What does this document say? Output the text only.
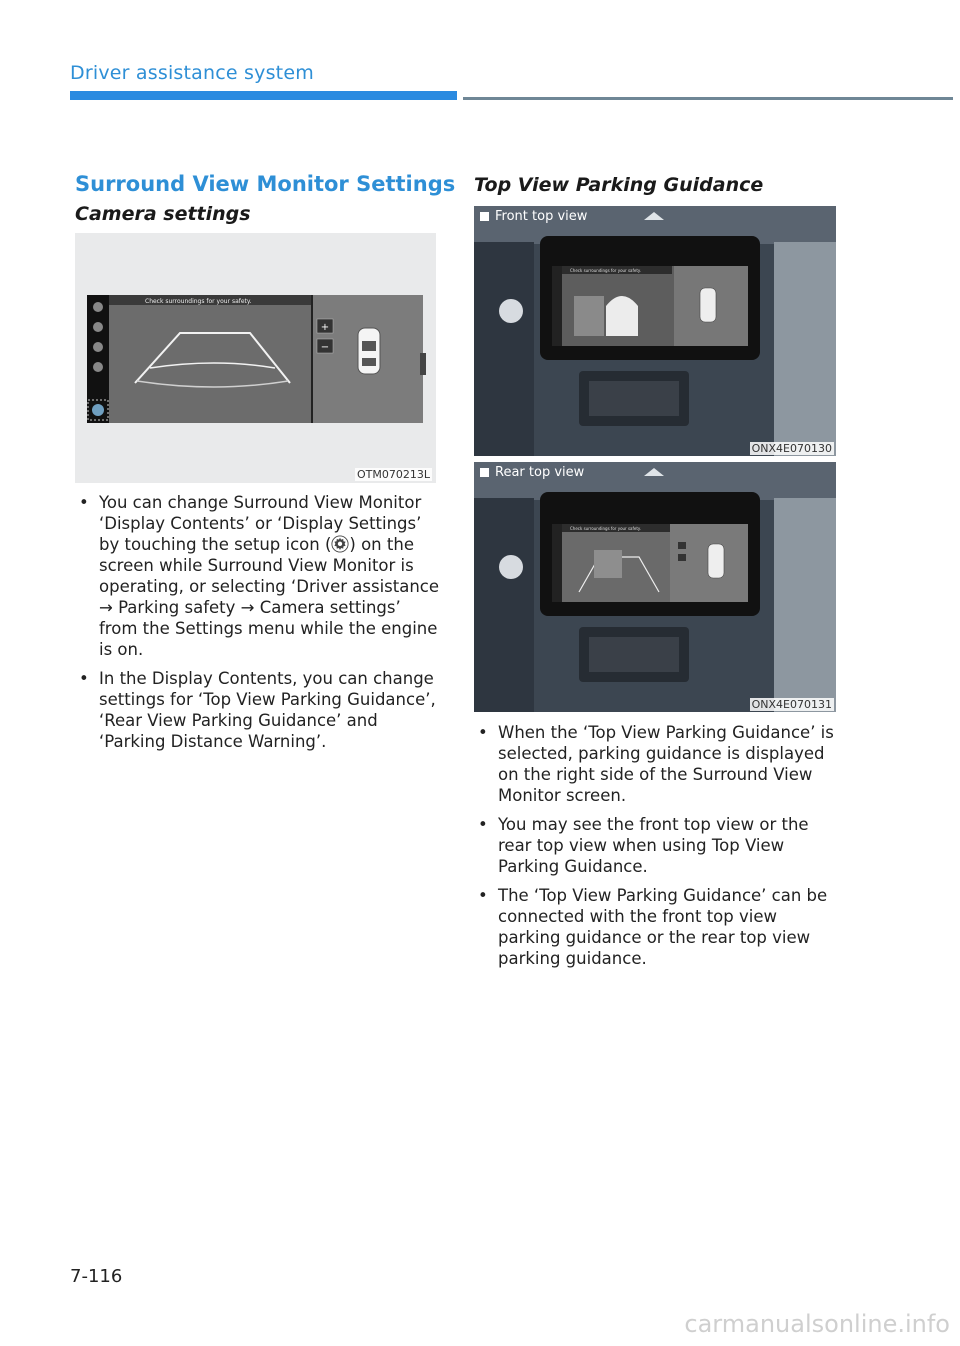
Driver assistance system
Surround View Monitor Settings
Camera settings
Check surroundings for your safety.
+
−
OTM070213L
• You can change Surround View Monitor ‘Display Contents’ or ‘Display Settings’ by touching the setup icon ( ) on the screen while Surround View Monitor is operating, or selecting ‘Driver assistance → Parking safety → Camera settings’ from the Settings menu while the engine is on.
• In the Display Contents, you can change settings for ‘Top View Parking Guidance’, ‘Rear View Parking Guidance’ and ‘Parking Distance Warning’.
Top View Parking Guidance
Check surroundings for your safety.
Front top view
ONX4E070130
Check surroundings for your safety.
Rear top view
ONX4E070131
• When the ‘Top View Parking Guidance’ is selected, parking guidance is displayed on the right side of the Surround View Monitor screen.
• You may see the front top view or the rear top view when using Top View Parking Guidance.
• The ‘Top View Parking Guidance’ can be connected with the front top view parking guidance or the rear top view parking guidance.
7-116
carmanualsonline.info
